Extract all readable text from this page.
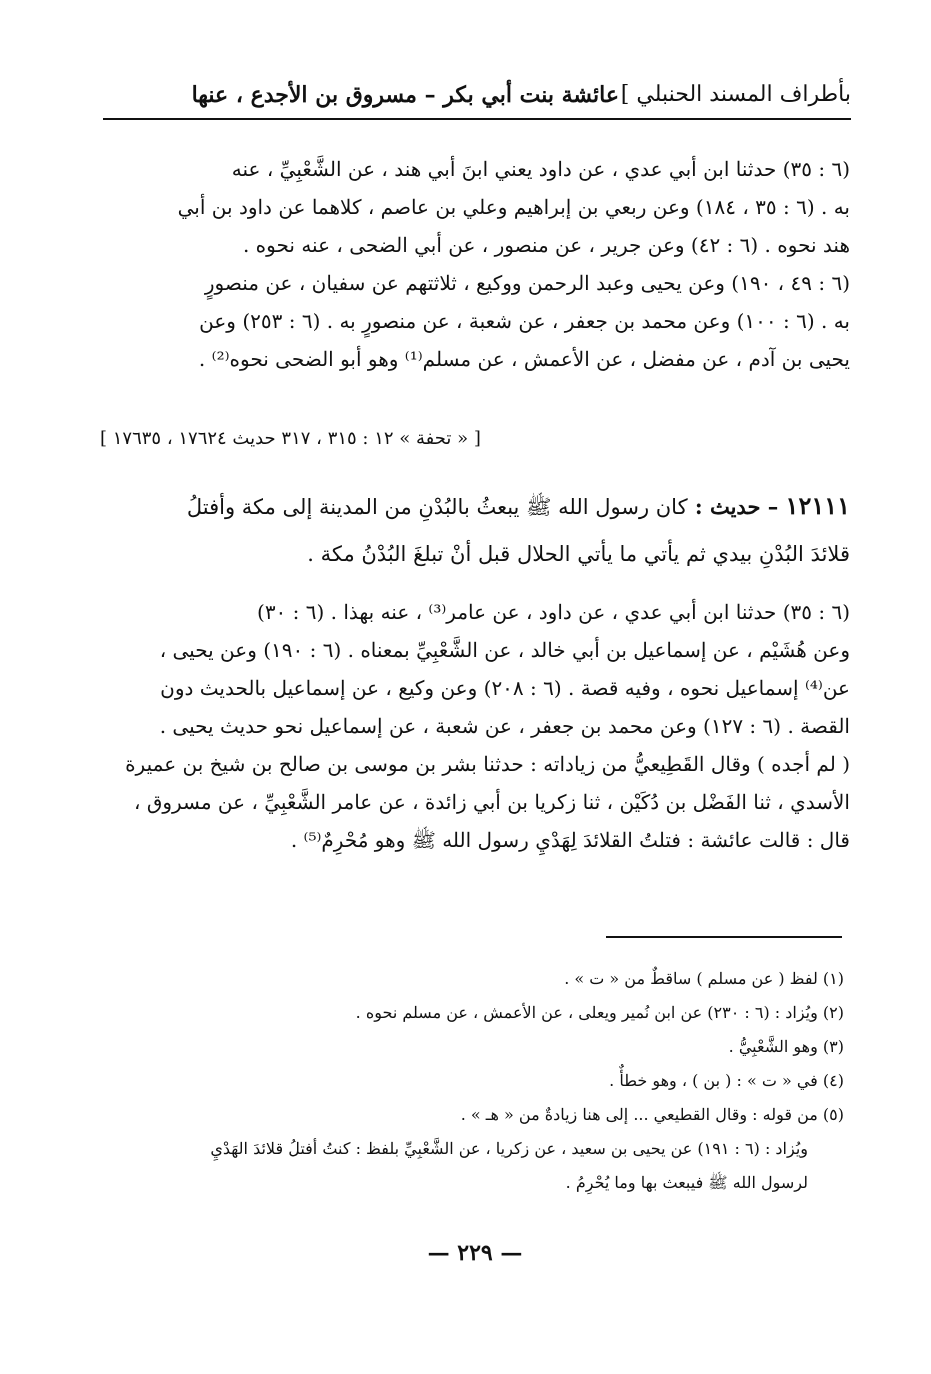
بأطراف المسند الحنبلي ]
عائشة بنت أبي بكر – مسروق بن الأجدع ، عنها
(٦ : ٣٥) حدثنا ابن أبي عدي ، عن داود يعني ابنَ أبي هند ، عن الشَّعْبِيِّ ، عنه
به . (٦ : ٣٥ ، ١٨٤) وعن ربعي بن إبراهيم وعلي بن عاصم ، كلاهما عن داود بن أبي
هند نحوه . (٦ : ٤٢) وعن جرير ، عن منصور ، عن أبي الضحى ، عنه نحوه .
(٦ : ٤٩ ، ١٩٠) وعن يحيى وعبد الرحمن ووكيع ، ثلاثتهم عن سفيان ، عن منصورٍ
به . (٦ : ١٠٠) وعن محمد بن جعفر ، عن شعبة ، عن منصورٍ به . (٦ : ٢٥٣) وعن
يحيى بن آدم ، عن مفضل ، عن الأعمش ، عن مسلم⁽¹⁾ وهو أبو الضحى نحوه⁽²⁾ .
[ « تحفة » ١٢ : ٣١٥ ، ٣١٧ حديث ١٧٦٢٤ ، ١٧٦٣٥ ]
١٢١١١ – حديث : كان رسول الله ﷺ يبعثُ بالبُدْنِ من المدينة إلى مكة وأفتلُ
قلائدَ البُدْنِ بيدي ثم يأتي ما يأتي الحلال قبل أنْ تبلغَ البُدْنُ مكة .
(٦ : ٣٥) حدثنا ابن أبي عدي ، عن داود ، عن عامر⁽³⁾ ، عنه بهذا . (٦ : ٣٠)
وعن هُشَيْم ، عن إسماعيل بن أبي خالد ، عن الشَّعْبِيِّ بمعناه . (٦ : ١٩٠) وعن يحيى ،
عن⁽⁴⁾ إسماعيل نحوه ، وفيه قصة . (٦ : ٢٠٨) وعن وكيع ، عن إسماعيل بالحديث دون
القصة . (٦ : ١٢٧) وعن محمد بن جعفر ، عن شعبة ، عن إسماعيل نحو حديث يحيى .
( لم أجده ) وقال القَطِيعيُّ من زياداته : حدثنا بشر بن موسى بن صالح بن شيخ بن عميرة
الأسدي ، ثنا الفَضْل بن دُكَيْن ، ثنا زكريا بن أبي زائدة ، عن عامر الشَّعْبِيِّ ، عن مسروق ،
قال : قالت عائشة : فتلتُ القلائدَ لِهَدْيِ رسول الله ﷺ وهو مُحْرِمٌ⁽⁵⁾ .
(١) لفظ ( عن مسلم ) ساقطٌ من « ت » .
(٢) ويُزاد : (٦ : ٢٣٠) عن ابن نُمير ويعلى ، عن الأعمش ، عن مسلم نحوه .
(٣) وهو الشَّعْبِيُّ .
(٤) في « ت » : ( بن ) ، وهو خطأٌ .
(٥) من قوله : وقال القطيعي ... إلى هنا زيادةٌ من « هـ » .
ويُزاد : (٦ : ١٩١) عن يحيى بن سعيد ، عن زكريا ، عن الشَّعْبِيِّ بلفظ : كنتُ أفتلُ قلائدَ الهَدْيِ
لرسول الله ﷺ فيبعث بها وما يُحْرِمُ .
— ٢٢٩ —
